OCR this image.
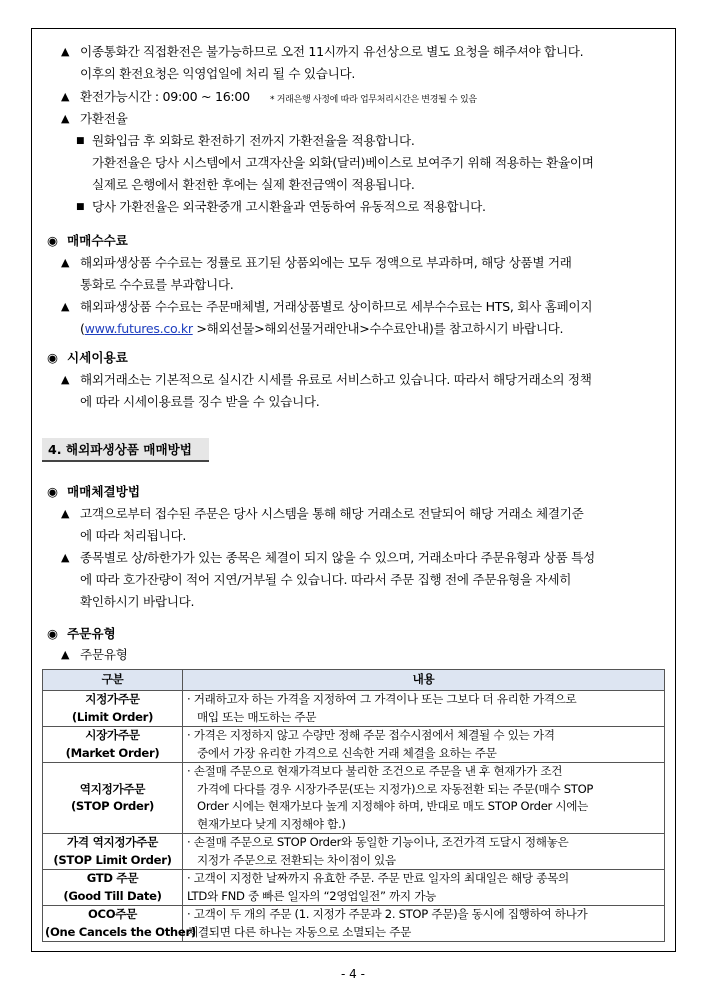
▲ 이종통화간 직접환전은 불가능하므로 오전 11시까지 유선상으로 별도 요청을 해주셔야 합니다.
이후의 환전요청은 익영업일에 처리 될 수 있습니다.
▲ 환전가능시간 : 09:00 ~ 16:00 * 거래은행 사정에 따라 업무처리시간은 변경될 수 있음
▲ 가환전율
■ 원화입금 후 외화로 환전하기 전까지 가환전율을 적용합니다.
가환전율은 당사 시스템에서 고객자산을 외화(달러)베이스로 보여주기 위해 적용하는 환율이며
실제로 은행에서 환전한 후에는 실제 환전금액이 적용됩니다.
■ 당사 가환전율은 외국환중개 고시환율과 연동하여 유동적으로 적용합니다.
◉ 매매수수료
▲ 해외파생상품 수수료는 정률로 표기된 상품외에는 모두 정액으로 부과하며, 해당 상품별 거래
통화로 수수료를 부과합니다.
▲ 해외파생상품 수수료는 주문매체별, 거래상품별로 상이하므로 세부수수료는 HTS, 회사 홈페이지
(www.futures.co.kr >해외선물>해외선물거래안내>수수료안내)를 참고하시기 바랍니다.
◉ 시세이용료
▲ 해외거래소는 기본적으로 실시간 시세를 유료로 서비스하고 있습니다. 따라서 해당거래소의 정책
에 따라 시세이용료를 징수 받을 수 있습니다.
4. 해외파생상품 매매방법
◉ 매매체결방법
▲ 고객으로부터 접수된 주문은 당사 시스템을 통해 해당 거래소로 전달되어 해당 거래소 체결기준
에 따라 처리됩니다.
▲ 종목별로 상/하한가가 있는 종목은 체결이 되지 않을 수 있으며, 거래소마다 주문유형과 상품 특성
에 따라 호가잔량이 적어 지연/거부될 수 있습니다. 따라서 주문 집행 전에 주문유형을 자세히
확인하시기 바랍니다.
◉ 주문유형
▲ 주문유형
구분	내용

지정가주문
(Limit Order)	· 거래하고자 하는 가격을 지정하여 그 가격이나 또는 그보다 더 유리한 가격으로
매입 또는 매도하는 주문

시장가주문
(Market Order)	· 가격은 지정하지 않고 수량만 정해 주문 접수시점에서 체결될 수 있는 가격
중에서 가장 유리한 가격으로 신속한 거래 체결을 요하는 주문

역지정가주문
(STOP Order)	· 손절매 주문으로 현재가격보다 불리한 조건으로 주문을 낸 후 현재가가 조건
가격에 다다를 경우 시장가주문(또는 지정가)으로 자동전환 되는 주문(매수 STOP
Order 시에는 현재가보다 높게 지정해야 하며, 반대로 매도 STOP Order 시에는
현재가보다 낮게 지정해야 함.)

가격 역지정가주문
(STOP Limit Order)	· 손절매 주문으로 STOP Order와 동일한 기능이나, 조건가격 도달시 정해놓은
지정가 주문으로 전환되는 차이점이 있음

GTD 주문
(Good Till Date)	· 고객이 지정한 날짜까지 유효한 주문. 주문 만료 일자의 최대일은 해당 종목의
LTD와 FND 중 빠른 일자의 “2영업일전” 까지 가능

OCO주문
(One Cancels the Other)	· 고객이 두 개의 주문 (1. 지정가 주문과 2. STOP 주문)을 동시에 집행하여 하나가
체결되면 다른 하나는 자동으로 소멸되는 주문
- 4 -
